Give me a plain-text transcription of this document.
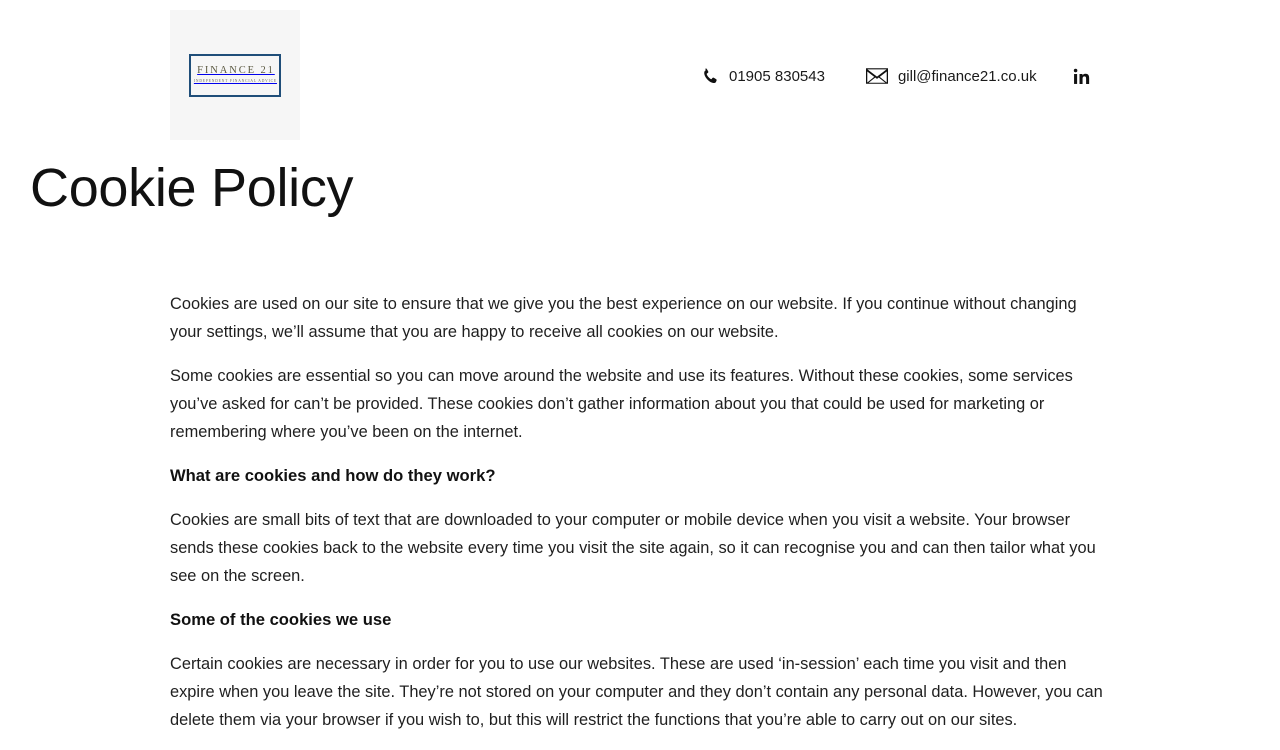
FINANCE 21
INDEPENDENT FINANCIAL ADVICE	01905 830543	gill@finance21.co.uk
Cookie Policy

Cookies are used on our site to ensure that we give you the best experience on our website. If you continue without changing your settings, we’ll assume that you are happy to receive all cookies on our website.

Some cookies are essential so you can move around the website and use its features. Without these cookies, some services you’ve asked for can’t be provided. These cookies don’t gather information about you that could be used for marketing or remembering where you’ve been on the internet.

What are cookies and how do they work?

Cookies are small bits of text that are downloaded to your computer or mobile device when you visit a website. Your browser sends these cookies back to the website every time you visit the site again, so it can recognise you and can then tailor what you see on the screen.

Some of the cookies we use

Certain cookies are necessary in order for you to use our websites. These are used ‘in-session’ each time you visit and then expire when you leave the site. They’re not stored on your computer and they don’t contain any personal data. However, you can delete them via your browser if you wish to, but this will restrict the functions that you’re able to carry out on our sites.
